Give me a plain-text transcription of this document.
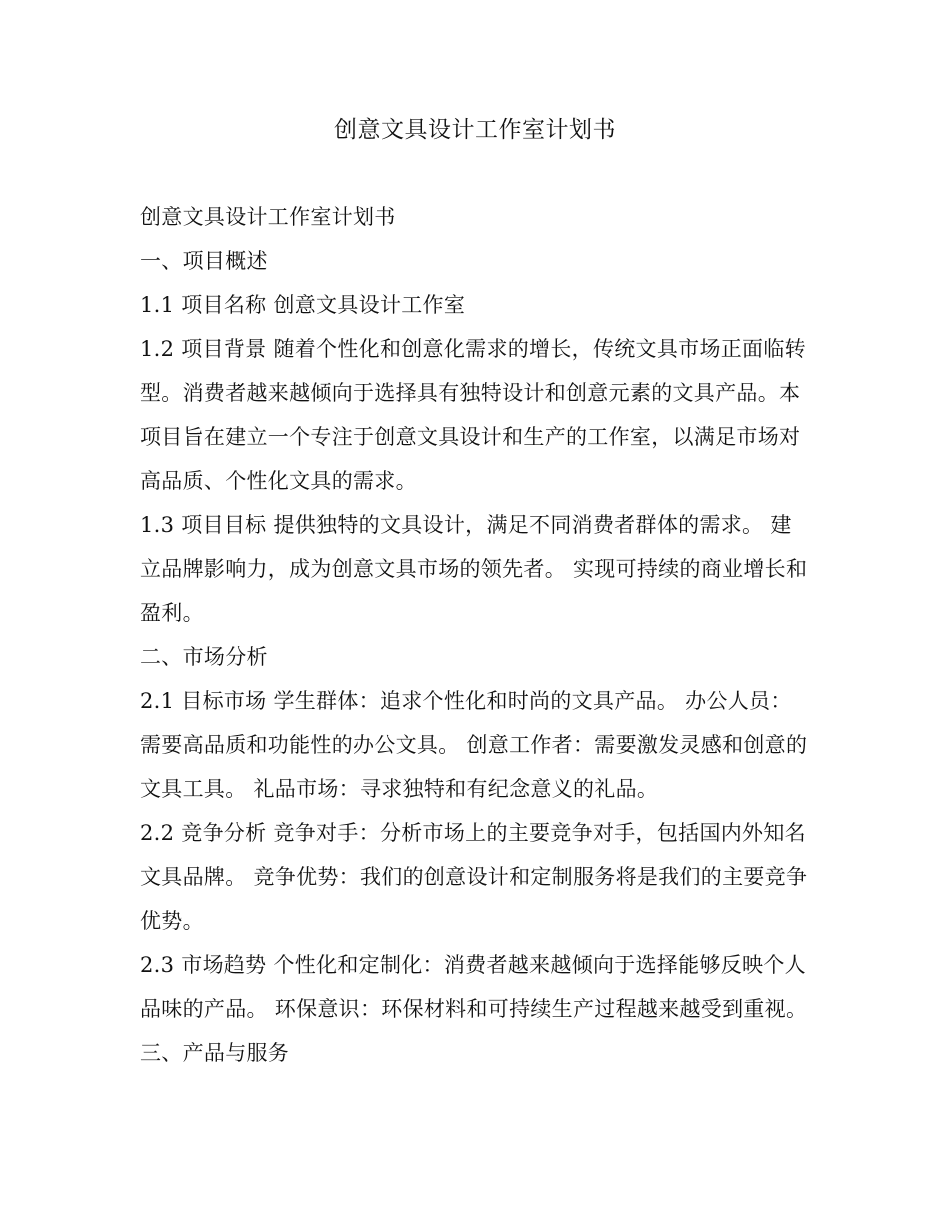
创意文具设计工作室计划书

创意文具设计工作室计划书

一、项目概述

1.1 项目名称 创意文具设计工作室

1.2 项目背景 随着个性化和创意化需求的增长，传统文具市场正面临转型。消费者越来越倾向于选择具有独特设计和创意元素的文具产品。本项目旨在建立一个专注于创意文具设计和生产的工作室，以满足市场对高品质、个性化文具的需求。

1.3 项目目标 提供独特的文具设计，满足不同消费者群体的需求。 建立品牌影响力，成为创意文具市场的领先者。 实现可持续的商业增长和盈利。

二、市场分析

2.1 目标市场 学生群体：追求个性化和时尚的文具产品。 办公人员：需要高品质和功能性的办公文具。 创意工作者：需要激发灵感和创意的文具工具。 礼品市场：寻求独特和有纪念意义的礼品。

2.2 竞争分析 竞争对手：分析市场上的主要竞争对手，包括国内外知名文具品牌。 竞争优势：我们的创意设计和定制服务将是我们的主要竞争优势。

2.3 市场趋势 个性化和定制化：消费者越来越倾向于选择能够反映个人品味的产品。 环保意识：环保材料和可持续生产过程越来越受到重视。

三、产品与服务
